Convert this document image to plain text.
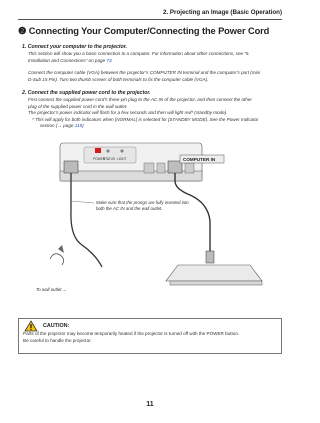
2. Projecting an Image (Basic Operation)
❷ Connecting Your Computer/Connecting the Power Cord
1. Connect your computer to the projector.
This section will show you a basic connection to a computer. For information about other connections, see “5.
Installation and Connections” on page 73.
Connect the computer cable (VGA) between the projector’s COMPUTER IN terminal and the computer’s port (mini
D-Sub 15 Pin). Turn two thumb screws of both terminals to fix the computer cable (VGA).
2. Connect the supplied power cord to the projector.
First connect the supplied power cord’s three-pin plug to the AC IN of the projector, and then connect the other
plug of the supplied power cord in the wall outlet.
The projector’s power indicator will flash for a few seconds and then will light red* (standby mode).
* This will apply for both indicators when [NORMAL] is selected for [STANDBY MODE]. See the Power Indicator
section (→ page 115)
POWER
STATUS LIGHT	COMPUTER IN
Make sure that the prongs are fully inserted into
both the AC IN and the wall outlet.
To wall outlet ←
CAUTION:
Parts of the projector may become temporarily heated if the projector is turned off with the POWER button.
Be careful to handle the projector.
11
